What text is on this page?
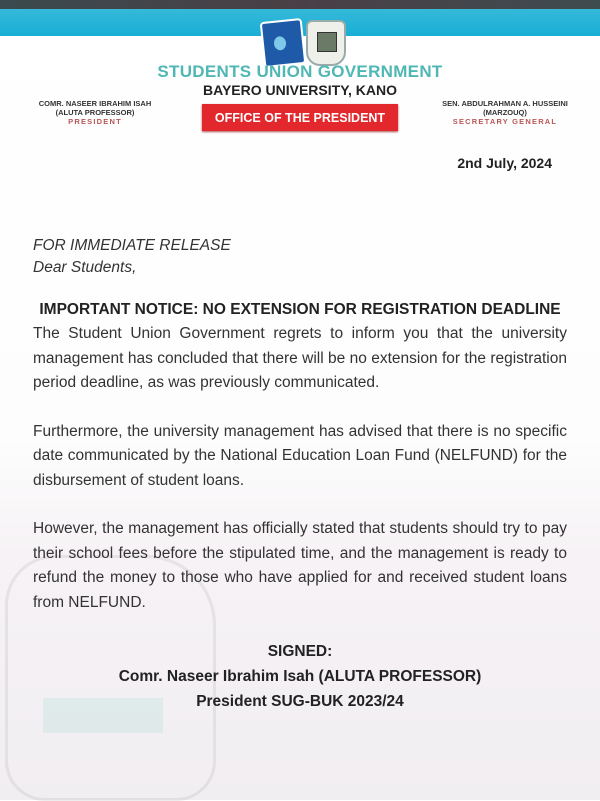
STUDENTS UNION GOVERNMENT
BAYERO UNIVERSITY, KANO
COMR. NASEER IBRAHIM ISAH
(ALUTA PROFESSOR)
PRESIDENT	OFFICE OF THE PRESIDENT
SEN. ABDULRAHMAN A. HUSSEINI
(MARZOUQ)
SECRETARY GENERAL
2nd July, 2024
FOR IMMEDIATE RELEASE
Dear Students,
IMPORTANT NOTICE: NO EXTENSION FOR REGISTRATION DEADLINE

The Student Union Government regrets to inform you that the university management has concluded that there will be no extension for the registration period deadline, as was previously communicated.

Furthermore, the university management has advised that there is no specific date communicated by the National Education Loan Fund (NELFUND) for the disbursement of student loans.

However, the management has officially stated that students should try to pay their school fees before the stipulated time, and the management is ready to refund the money to those who have applied for and received student loans from NELFUND.

SIGNED:
Comr. Naseer Ibrahim Isah (ALUTA PROFESSOR)
President SUG-BUK 2023/24
